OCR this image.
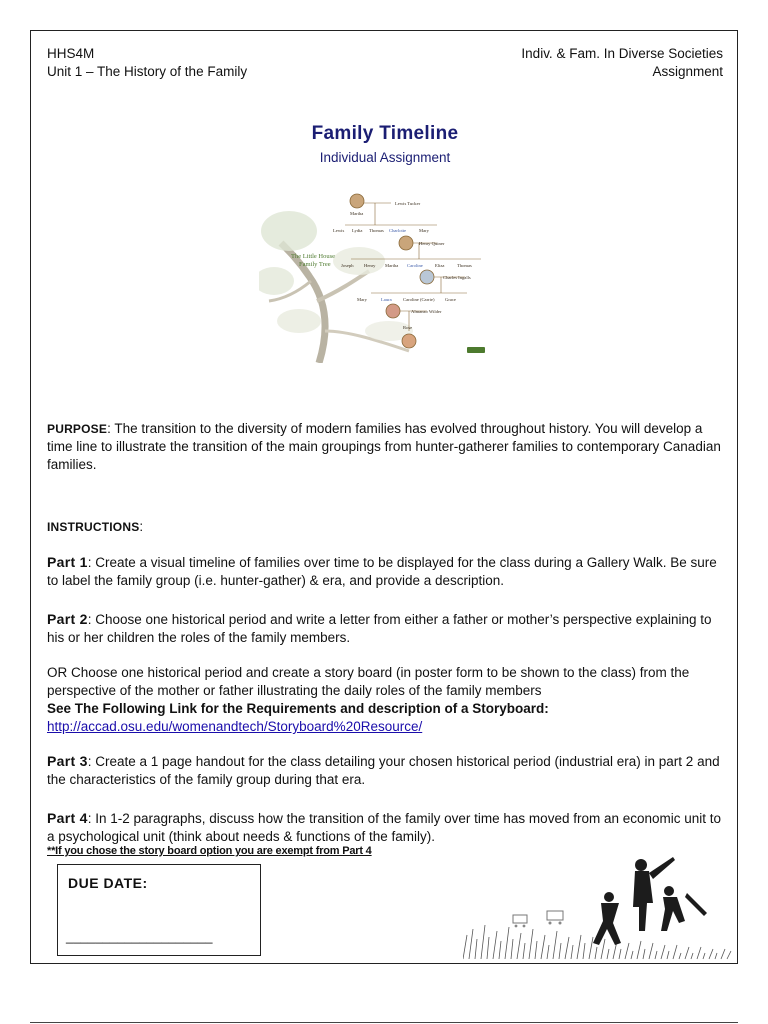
HHS4M
Unit 1 – The History of the Family
Indiv. & Fam. In Diverse Societies
Assignment
Family Timeline
Individual Assignment
The Little House
Family Tree
Lewis Tucker
Martha
Lewis Lydia Thomas Charlotte	Mary
Henry Quiner
Joseph Henry Martha Caroline	Eliza	Thomas
Charles Ingalls
Mary	Laura Caroline (Carrie) Grace
Almanzo Wilder
Rose
PURPOSE: The transition to the diversity of modern families has evolved throughout history. You will develop a time line to illustrate the transition of the main groupings from hunter-gatherer families to contemporary Canadian families.
INSTRUCTIONS:
Part 1: Create a visual timeline of families over time to be displayed for the class during a Gallery Walk. Be sure to label the family group (i.e. hunter-gather) & era, and provide a description.
Part 2: Choose one historical period and write a letter from either a father or mother’s perspective explaining to his or her children the roles of the family members.
OR Choose one historical period and create a story board (in poster form to be shown to the class) from the perspective of the mother or father illustrating the daily roles of the family members
See The Following Link for the Requirements and description of a Storyboard:
http://accad.osu.edu/womenandtech/Storyboard%20Resource/
Part 3: Create a 1 page handout for the class detailing your chosen historical period (industrial era) in part 2 and the characteristics of the family group during that era.
Part 4: In 1-2 paragraphs, discuss how the transition of the family over time has moved from an economic unit to a psychological unit (think about needs & functions of the family).
**If you chose the story board option you are exempt from Part 4
DUE DATE:
____________________
